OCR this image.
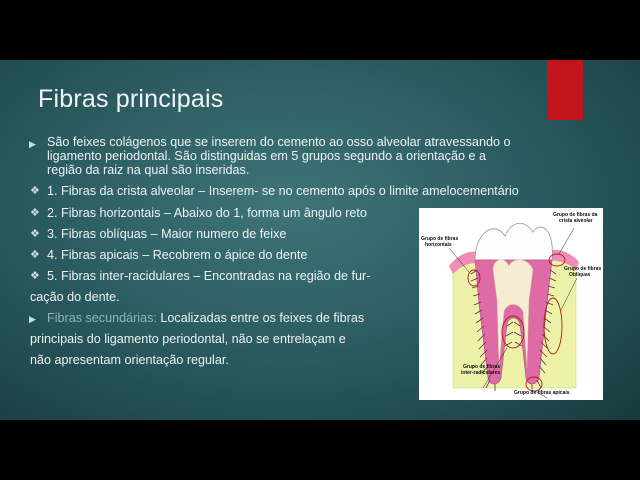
Fibras principais
▶ São feixes colágenos que se inserem do cemento ao osso alveolar atravessando o
ligamento periodontal. São distinguidas em 5 grupos segundo a orientação e a
região da raiz na qual são inseridas.
❖ 1. Fibras da crista alveolar – Inserem- se no cemento após o limite amelocementário
❖ 2. Fibras horizontais – Abaixo do 1, forma um ângulo reto
❖ 3. Fibras oblíquas – Maior numero de feixe
❖ 4. Fibras apicais – Recobrem o ápice do dente
❖ 5. Fibras inter-racidulares – Encontradas na região de fur-
cação do dente.
▶ Fibras secundárias: Localizadas entre os feixes de fibras
principais do ligamento periodontal, não se entrelaçam e
não apresentam orientação regular.
Grupo de fibras da crista alveolar
Grupo de fibras horizontais
Grupo de fibras Oblíquas
Grupo de fibras inter-radiculares
Grupo de fibras apicais
